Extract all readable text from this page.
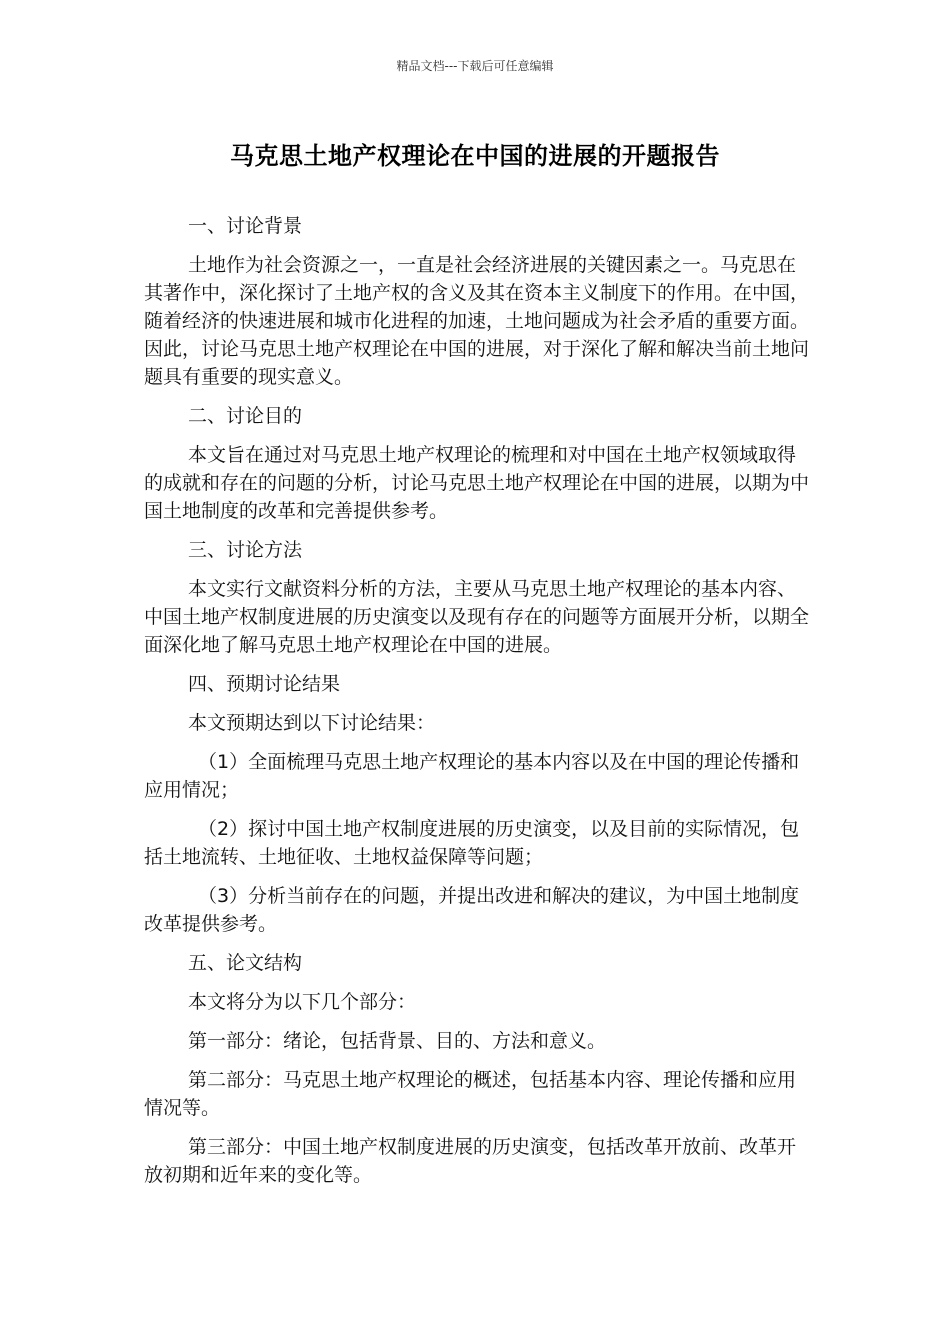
精品文档---下载后可任意编辑
马克思土地产权理论在中国的进展的开题报告

一、讨论背景

土地作为社会资源之一，一直是社会经济进展的关键因素之一。马克思在其著作中，深化探讨了土地产权的含义及其在资本主义制度下的作用。在中国，随着经济的快速进展和城市化进程的加速，土地问题成为社会矛盾的重要方面。因此，讨论马克思土地产权理论在中国的进展，对于深化了解和解决当前土地问题具有重要的现实意义。

二、讨论目的

本文旨在通过对马克思土地产权理论的梳理和对中国在土地产权领域取得的成就和存在的问题的分析，讨论马克思土地产权理论在中国的进展，以期为中国土地制度的改革和完善提供参考。

三、讨论方法

本文实行文献资料分析的方法，主要从马克思土地产权理论的基本内容、中国土地产权制度进展的历史演变以及现有存在的问题等方面展开分析，以期全面深化地了解马克思土地产权理论在中国的进展。

四、预期讨论结果

本文预期达到以下讨论结果：

（1）全面梳理马克思土地产权理论的基本内容以及在中国的理论传播和应用情况；

（2）探讨中国土地产权制度进展的历史演变，以及目前的实际情况，包括土地流转、土地征收、土地权益保障等问题；

（3）分析当前存在的问题，并提出改进和解决的建议，为中国土地制度改革提供参考。

五、论文结构

本文将分为以下几个部分：

第一部分：绪论，包括背景、目的、方法和意义。

第二部分：马克思土地产权理论的概述，包括基本内容、理论传播和应用情况等。

第三部分：中国土地产权制度进展的历史演变，包括改革开放前、改革开放初期和近年来的变化等。
